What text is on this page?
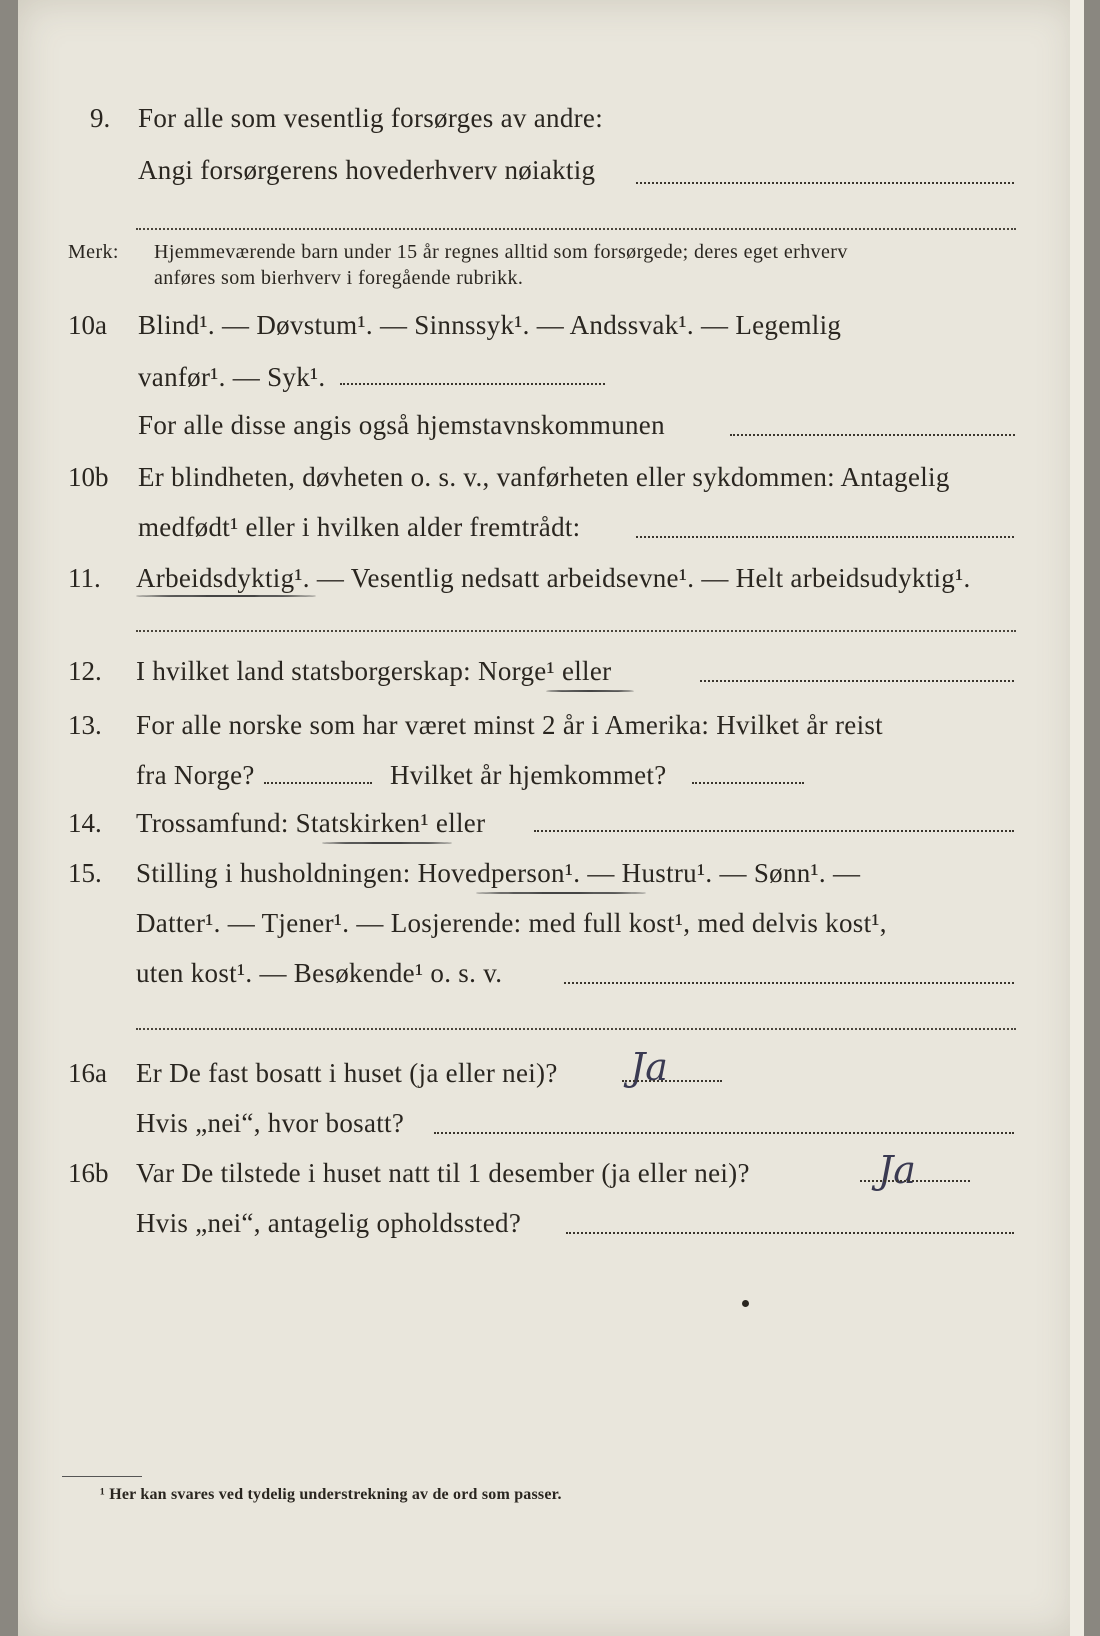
9. For alle som vesentlig forsørges av andre:
Angi forsørgerens hovederhverv nøiaktig
Merk: Hjemmeværende barn under 15 år regnes alltid som forsørgede; deres eget erhverv
anføres som bierhverv i foregående rubrikk.
10a Blind¹. — Døvstum¹. — Sinnssyk¹. — Andssvak¹. — Legemlig
vanfør¹. — Syk¹.
For alle disse angis også hjemstavnskommunen
10b Er blindheten, døvheten o. s. v., vanførheten eller sykdommen: Antagelig
medfødt¹ eller i hvilken alder fremtrådt:
11. Arbeidsdyktig¹. — Vesentlig nedsatt arbeidsevne¹. — Helt arbeidsudyktig¹.
12. I hvilket land statsborgerskap: Norge¹ eller
13. For alle norske som har været minst 2 år i Amerika: Hvilket år reist
fra Norge?	Hvilket år hjemkommet?
14. Trossamfund: Statskirken¹ eller
15. Stilling i husholdningen: Hovedperson¹. — Hustru¹. — Sønn¹. —
Datter¹. — Tjener¹. — Losjerende: med full kost¹, med delvis kost¹,
uten kost¹. — Besøkende¹ o. s. v.
16a Er De fast bosatt i huset (ja eller nei)? Ja
Hvis „nei“, hvor bosatt?
16b Var De tilstede i huset natt til 1 desember (ja eller nei)?	Ja
Hvis „nei“, antagelig opholdssted?
¹ Her kan svares ved tydelig understrekning av de ord som passer.
